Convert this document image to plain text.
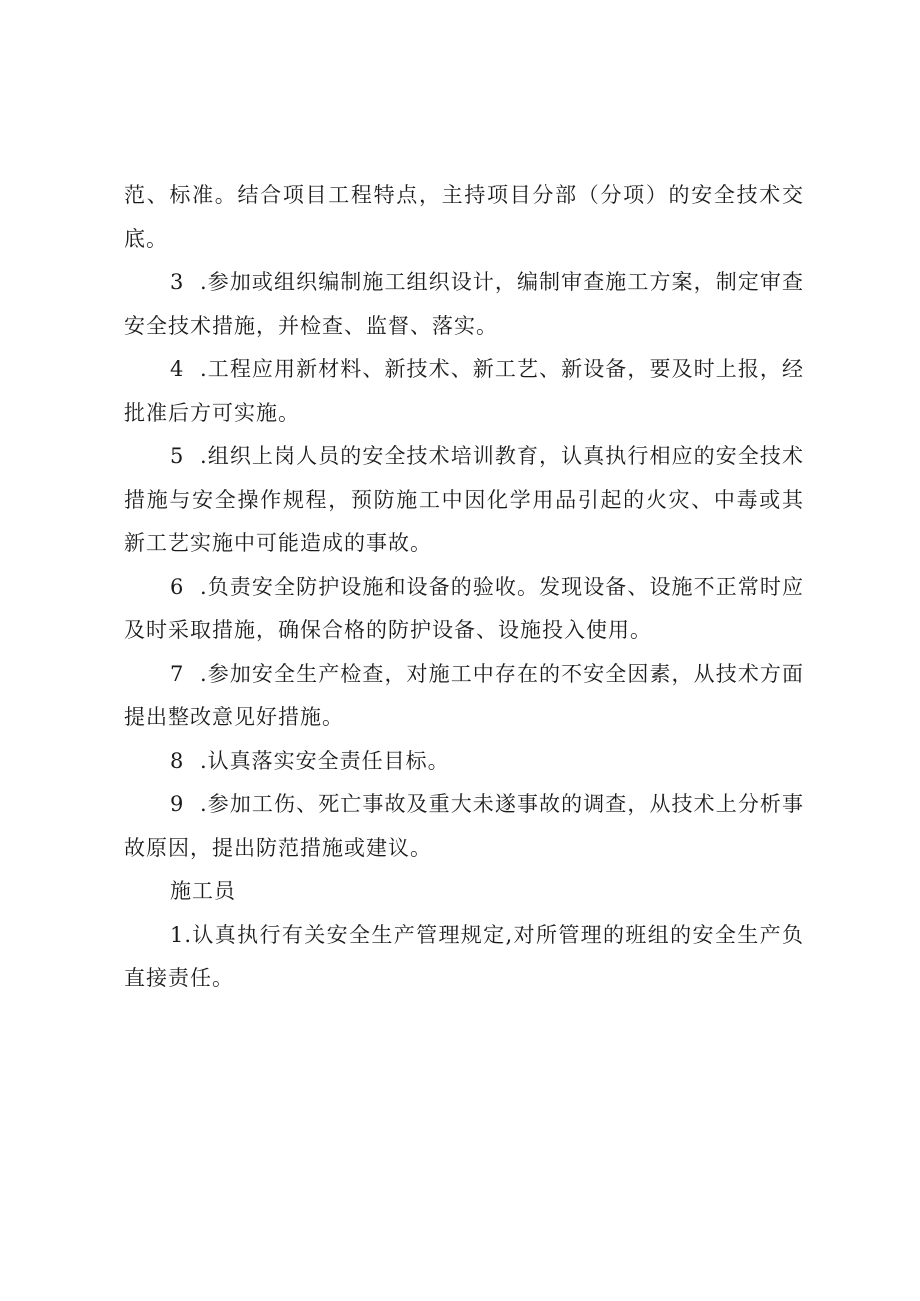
范、标准。结合项目工程特点，主持项目分部（分项）的安全技术交底。

3 .参加或组织编制施工组织设计，编制审查施工方案，制定审查安全技术措施，并检查、监督、落实。

4 .工程应用新材料、新技术、新工艺、新设备，要及时上报，经批准后方可实施。

5 .组织上岗人员的安全技术培训教育，认真执行相应的安全技术措施与安全操作规程，预防施工中因化学用品引起的火灾、中毒或其新工艺实施中可能造成的事故。

6 .负责安全防护设施和设备的验收。发现设备、设施不正常时应及时采取措施，确保合格的防护设备、设施投入使用。

7 .参加安全生产检查，对施工中存在的不安全因素，从技术方面提出整改意见好措施。

8 .认真落实安全责任目标。

9 .参加工伤、死亡事故及重大未遂事故的调查，从技术上分析事故原因，提出防范措施或建议。

施工员

1.认真执行有关安全生产管理规定,对所管理的班组的安全生产负直接责任。
